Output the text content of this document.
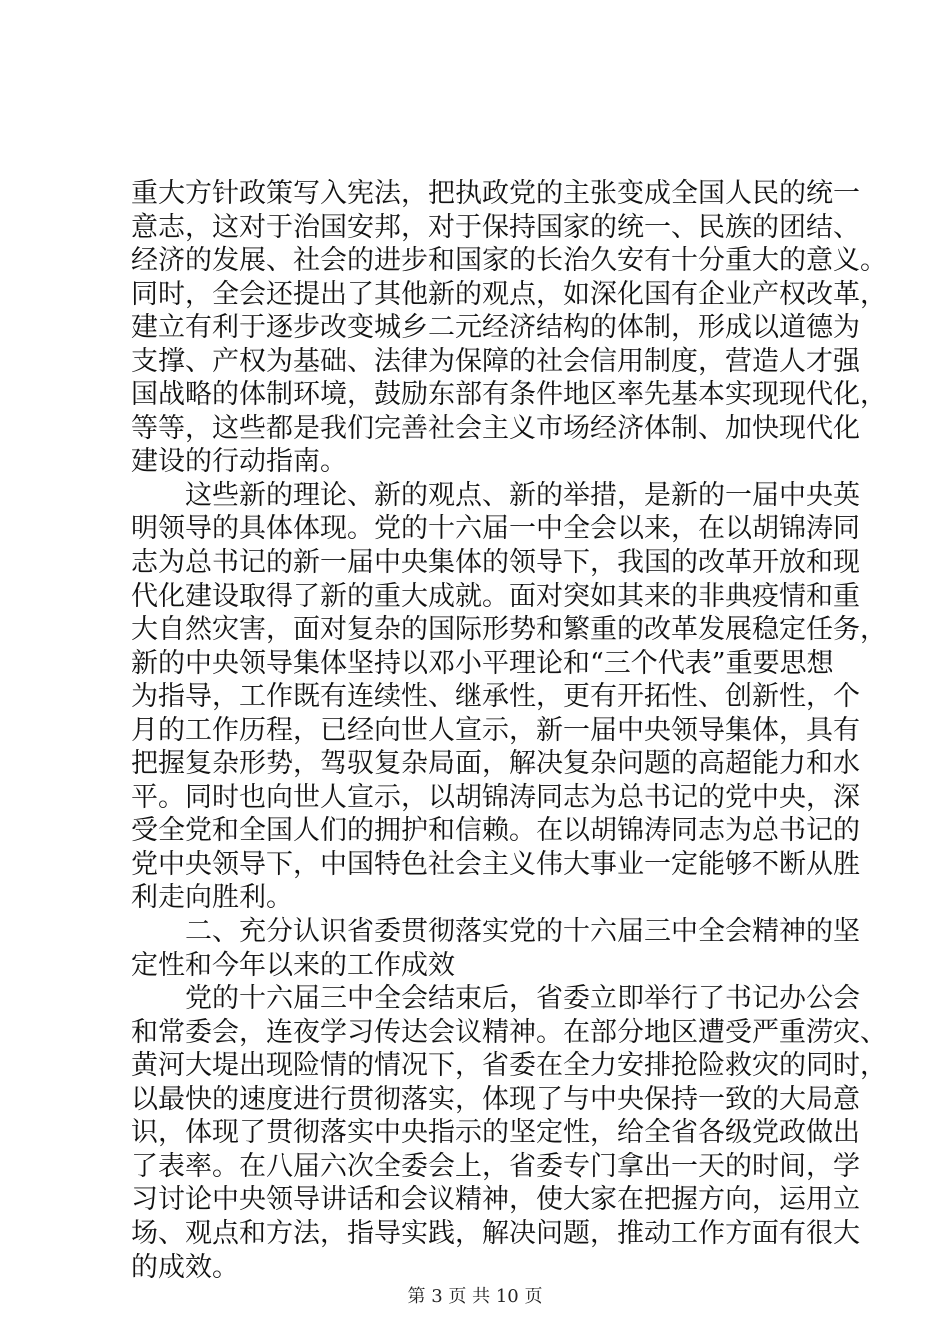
重大方针政策写入宪法，把执政党的主张变成全国人民的统一
意志，这对于治国安邦，对于保持国家的统一、民族的团结、
经济的发展、社会的进步和国家的长治久安有十分重大的意义。
同时，全会还提出了其他新的观点，如深化国有企业产权改革，
建立有利于逐步改变城乡二元经济结构的体制，形成以道德为
支撑、产权为基础、法律为保障的社会信用制度，营造人才强
国战略的体制环境，鼓励东部有条件地区率先基本实现现代化，
等等，这些都是我们完善社会主义市场经济体制、加快现代化
建设的行动指南。
这些新的理论、新的观点、新的举措，是新的一届中央英
明领导的具体体现。党的十六届一中全会以来，在以胡锦涛同
志为总书记的新一届中央集体的领导下，我国的改革开放和现
代化建设取得了新的重大成就。面对突如其来的非典疫情和重
大自然灾害，面对复杂的国际形势和繁重的改革发展稳定任务，
新的中央领导集体坚持以邓小平理论和“三个代表”重要思想
为指导，工作既有连续性、继承性，更有开拓性、创新性，个
月的工作历程，已经向世人宣示，新一届中央领导集体，具有
把握复杂形势，驾驭复杂局面，解决复杂问题的高超能力和水
平。同时也向世人宣示，以胡锦涛同志为总书记的党中央，深
受全党和全国人们的拥护和信赖。在以胡锦涛同志为总书记的
党中央领导下，中国特色社会主义伟大事业一定能够不断从胜
利走向胜利。
二、充分认识省委贯彻落实党的十六届三中全会精神的坚
定性和今年以来的工作成效
党的十六届三中全会结束后，省委立即举行了书记办公会
和常委会，连夜学习传达会议精神。在部分地区遭受严重涝灾、
黄河大堤出现险情的情况下，省委在全力安排抢险救灾的同时，
以最快的速度进行贯彻落实，体现了与中央保持一致的大局意
识，体现了贯彻落实中央指示的坚定性，给全省各级党政做出
了表率。在八届六次全委会上，省委专门拿出一天的时间，学
习讨论中央领导讲话和会议精神，使大家在把握方向，运用立
场、观点和方法，指导实践，解决问题，推动工作方面有很大
的成效。
第 3 页 共 10 页
